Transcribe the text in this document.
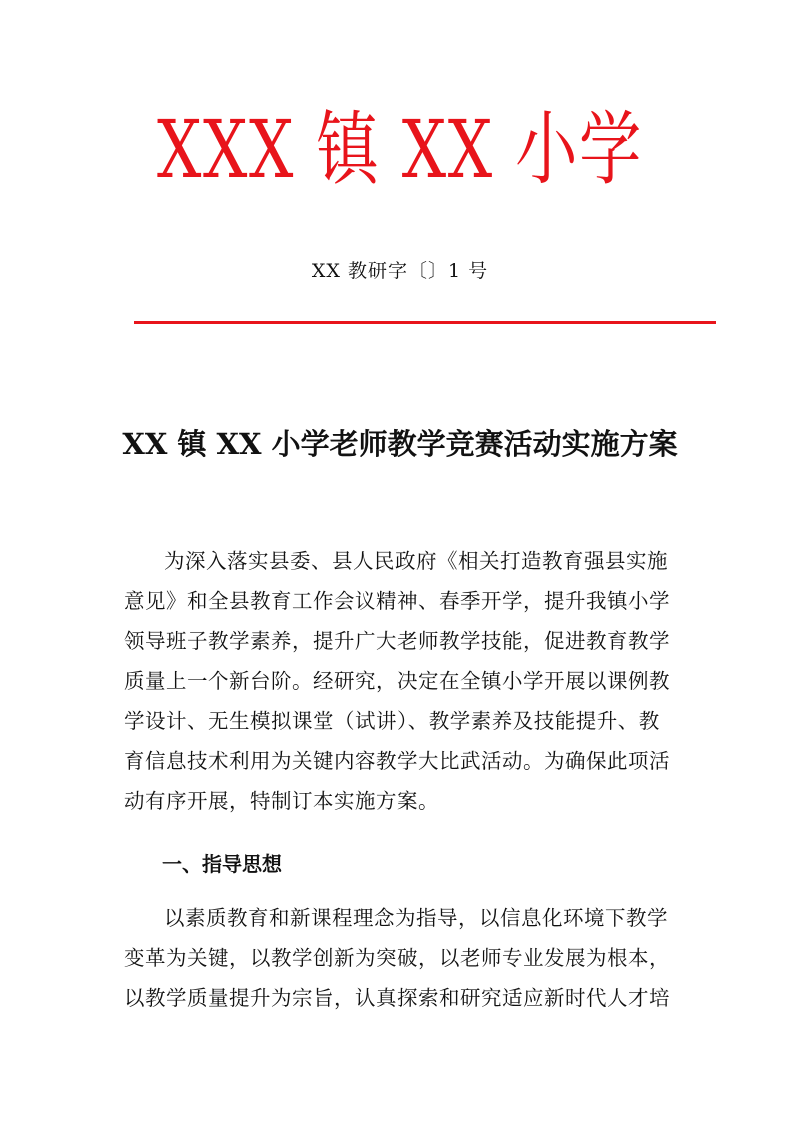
XXX 镇 XX 小学
XX 教研字〔〕1 号
XX 镇 XX 小学老师教学竞赛活动实施方案
为深入落实县委、县人民政府《相关打造教育强县实施
意见》和全县教育工作会议精神、春季开学，提升我镇小学
领导班子教学素养，提升广大老师教学技能，促进教育教学
质量上一个新台阶。经研究，决定在全镇小学开展以课例教
学设计、无生模拟课堂（试讲）、教学素养及技能提升、教
育信息技术利用为关键内容教学大比武活动。为确保此项活
动有序开展，特制订本实施方案。
一、指导思想
以素质教育和新课程理念为指导，以信息化环境下教学
变革为关键，以教学创新为突破，以老师专业发展为根本，
以教学质量提升为宗旨，认真探索和研究适应新时代人才培
